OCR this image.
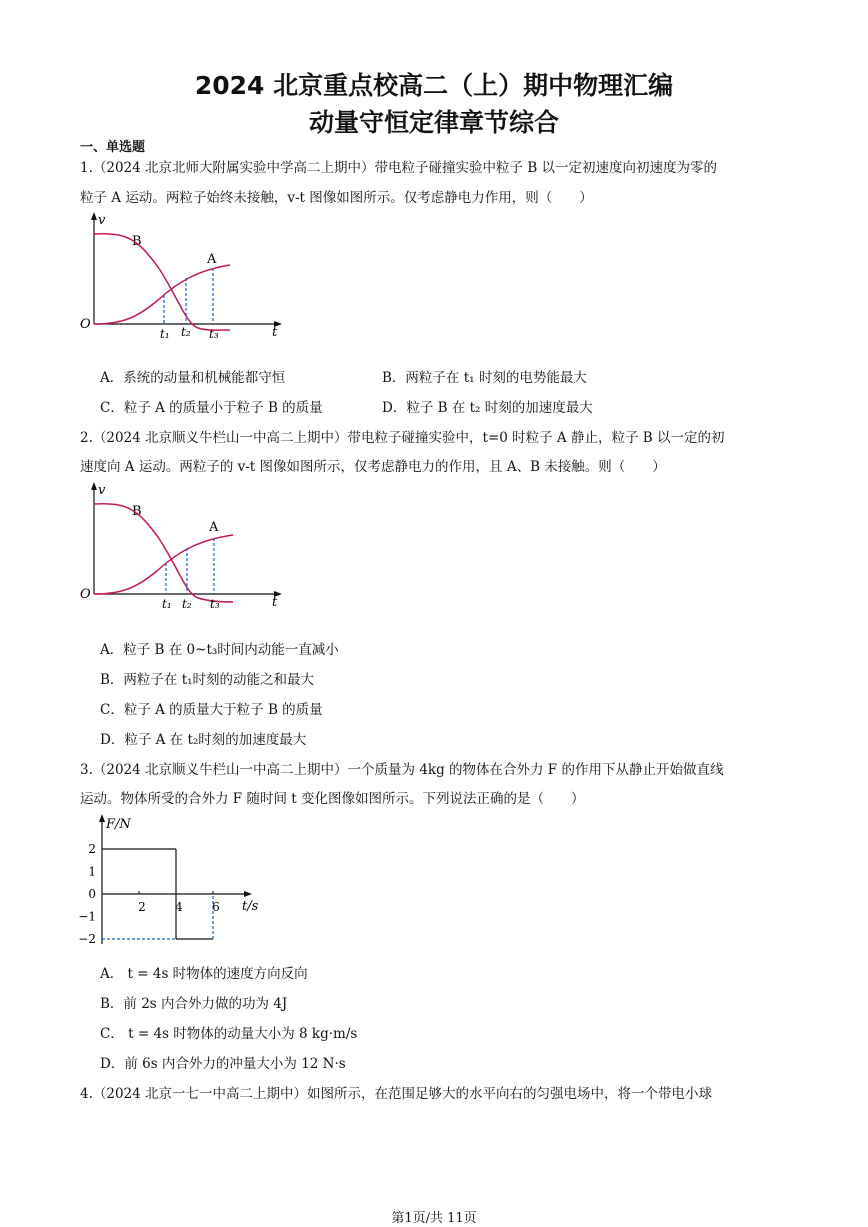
2024 北京重点校高二（上）期中物理汇编
动量守恒定律章节综合
一、单选题
1.（2024 北京北师大附属实验中学高二上期中）带电粒子碰撞实验中粒子 B 以一定初速度向初速度为零的
粒子 A 运动。两粒子始终未接触，v-t 图像如图所示。仅考虑静电力作用，则（　　）
v
t
O
B
A
t₁ t₂ t₃
A．系统的动量和机械能都守恒	B．两粒子在 t₁ 时刻的电势能最大
C．粒子 A 的质量小于粒子 B 的质量	D．粒子 B 在 t₂ 时刻的加速度最大
2.（2024 北京顺义牛栏山一中高二上期中）带电粒子碰撞实验中，t=0 时粒子 A 静止，粒子 B 以一定的初
速度向 A 运动。两粒子的 v-t 图像如图所示，仅考虑静电力的作用，且 A、B 未接触。则（　　）
v
t
O
B
A
t₁ t₂ t₃
A．粒子 B 在 0~t₃时间内动能一直减小
B．两粒子在 t₁时刻的动能之和最大
C．粒子 A 的质量大于粒子 B 的质量
D．粒子 A 在 t₂时刻的加速度最大
3.（2024 北京顺义牛栏山一中高二上期中）一个质量为 4kg 的物体在合外力 F 的作用下从静止开始做直线
运动。物体所受的合外力 F 随时间 t 变化图像如图所示。下列说法正确的是（　　）
F/N
t/s
2
1
0
−1
−2
2 4 6
A． t = 4s 时物体的速度方向反向
B．前 2s 内合外力做的功为 4J
C． t = 4s 时物体的动量大小为 8 kg·m/s
D．前 6s 内合外力的冲量大小为 12 N·s
4.（2024 北京一七一中高二上期中）如图所示，在范围足够大的水平向右的匀强电场中，将一个带电小球
第1页/共 11页
